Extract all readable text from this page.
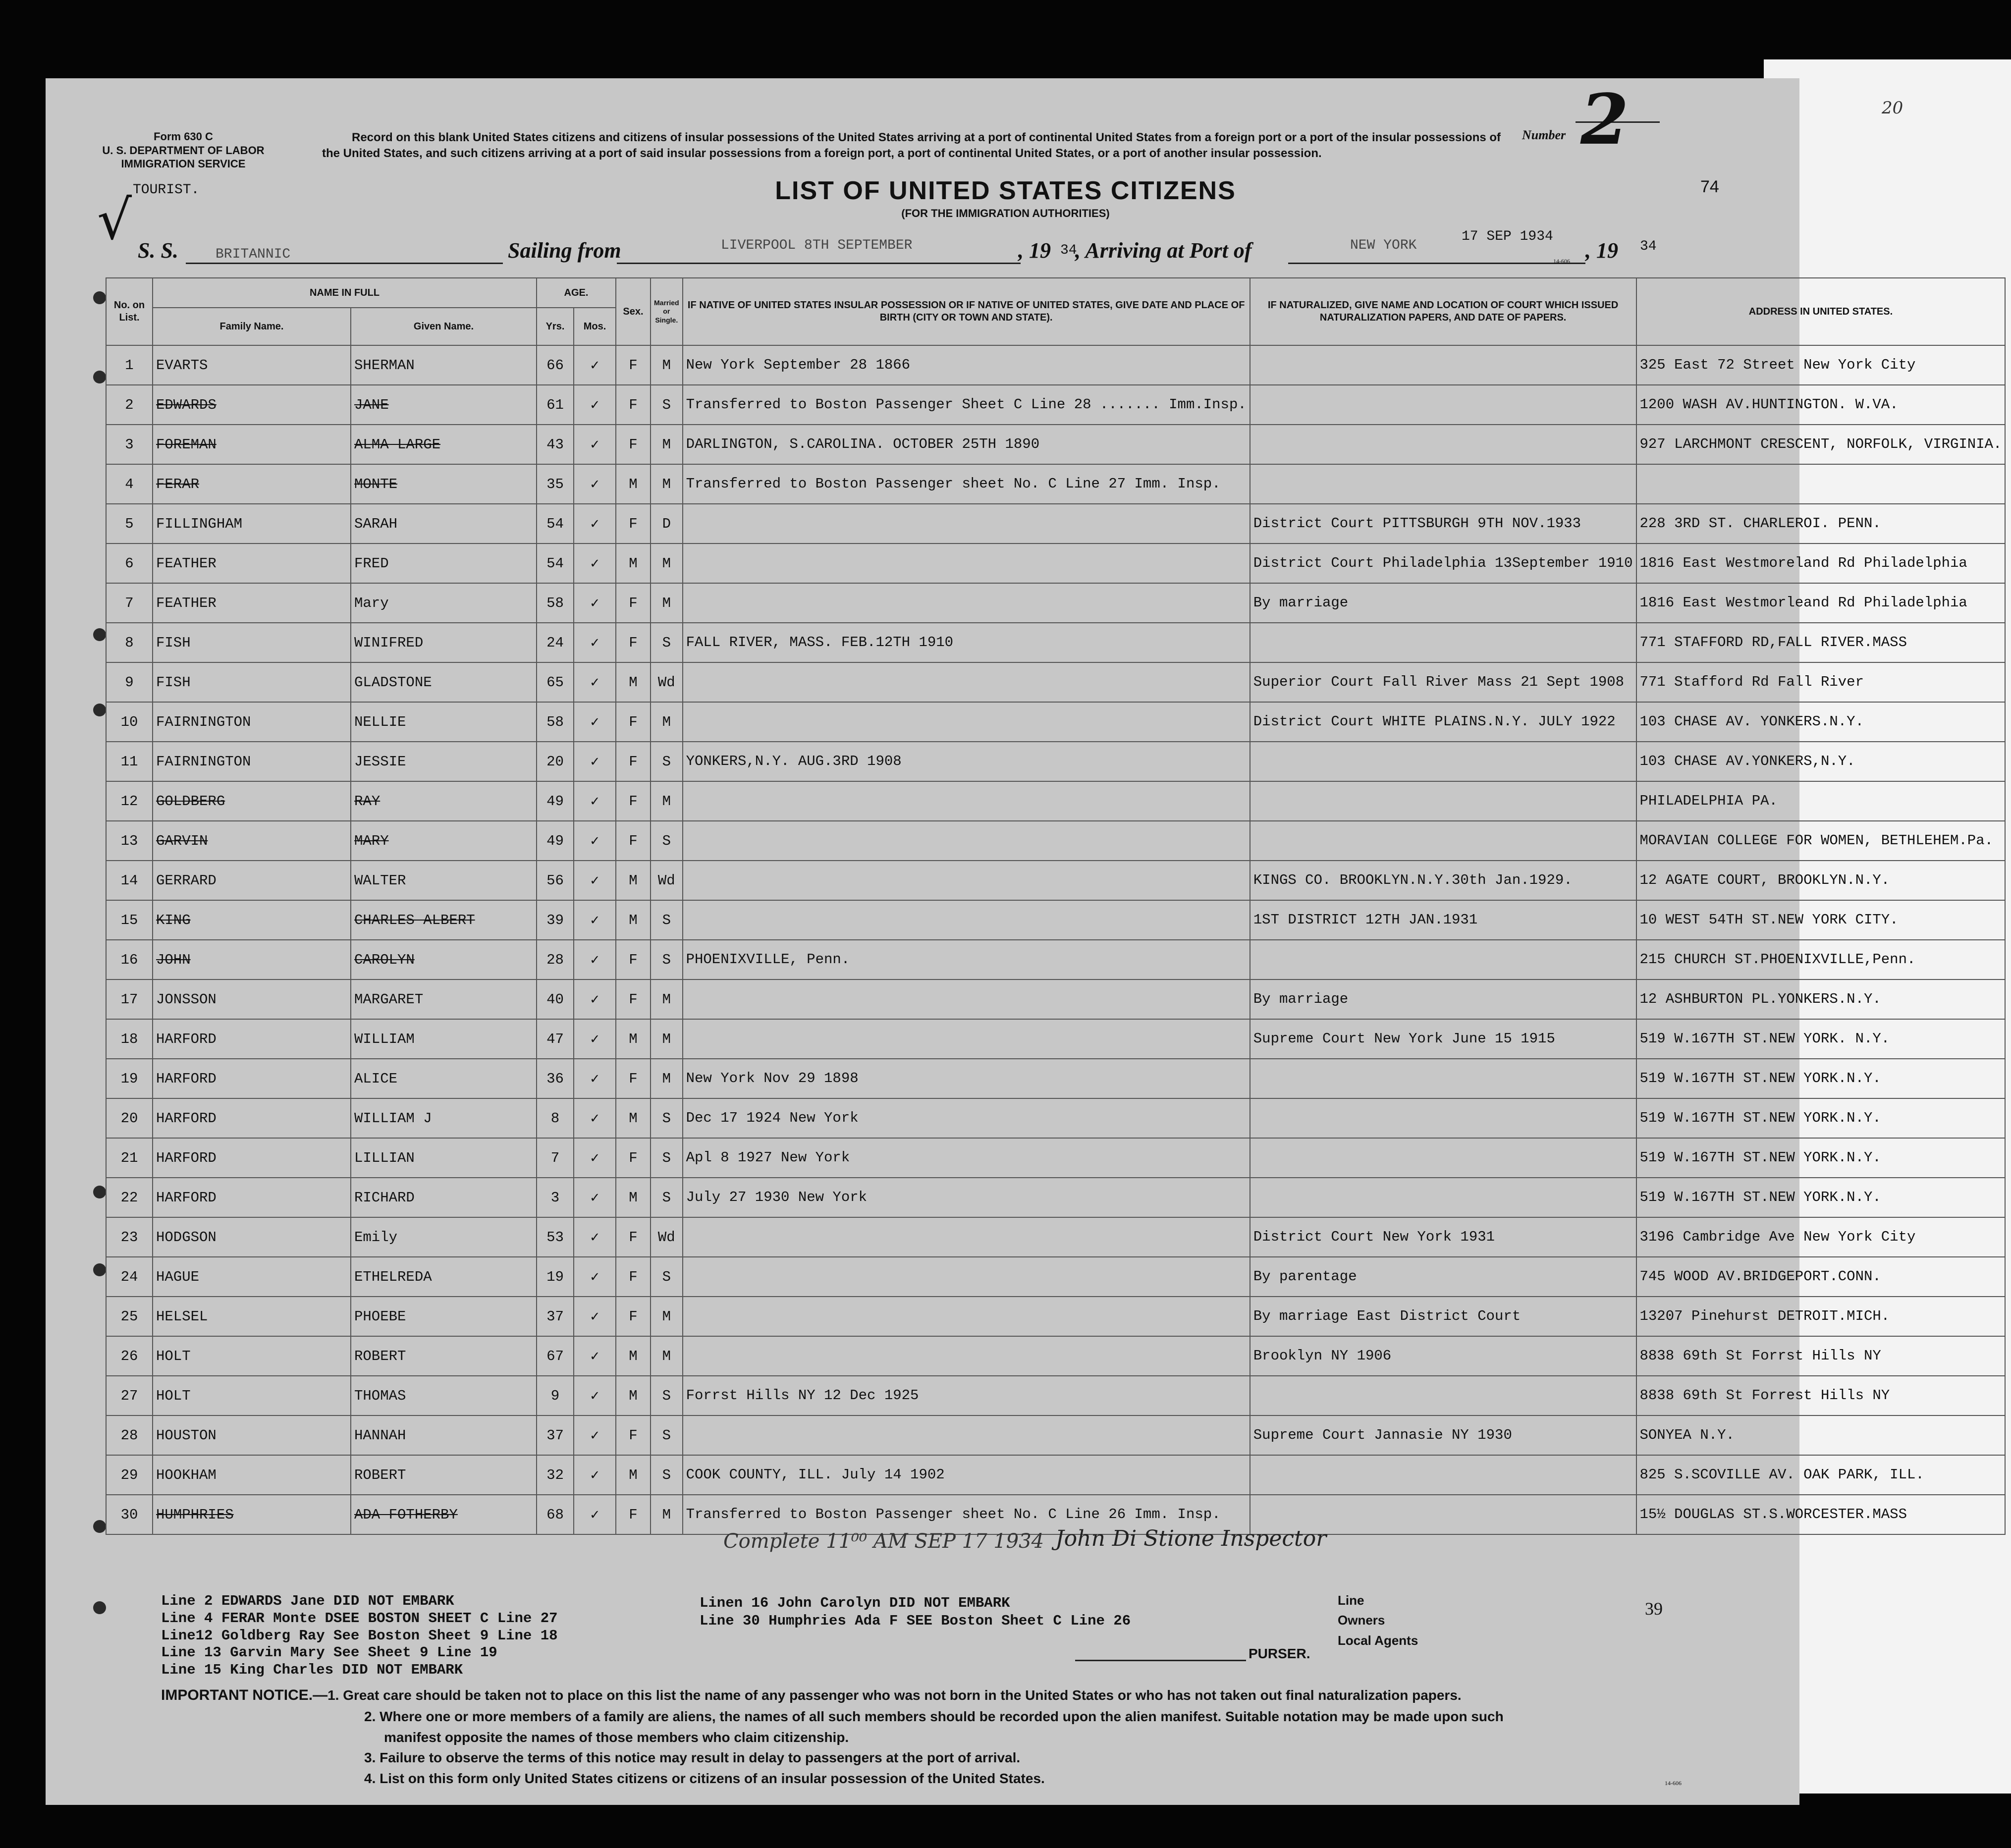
Form 630 C
U. S. DEPARTMENT OF LABOR
IMMIGRATION SERVICE
Record on this blank United States citizens and citizens of insular possessions of the United States arriving at a port of continental United States from a foreign port or a port of the insular possessions of the United States, and such citizens arriving at a port of said insular possessions from a foreign port, a port of continental United States, or a port of another insular possession.
Number 2	20
√ TOURIST.	74
LIST OF UNITED STATES CITIZENS
(FOR THE IMMIGRATION AUTHORITIES)
S. S.	BRITANNIC	Sailing from	LIVERPOOL 8TH SEPTEMBER	, 19 34
, Arriving at Port of	NEW YORK
17 SEP 1934
, 19 34
14-606
No. on List.	NAME IN FULL		AGE.		Sex.	Married or Single.	IF NATIVE OF UNITED STATES INSULAR POSSESSION OR IF NATIVE OF UNITED STATES, GIVE DATE AND PLACE OF BIRTH (CITY OR TOWN AND STATE).	IF NATURALIZED, GIVE NAME AND LOCATION OF COURT WHICH ISSUED NATURALIZATION PAPERS, AND DATE OF PAPERS.	ADDRESS IN UNITED STATES.
	Family Name.	Given Name.	Yrs.	Mos.					
1	EVARTS	SHERMAN	66	✓	F	M	New York September 28 1866		325 East 72 Street New York City
2	EDWARDS	JANE	61	✓	F	S	Transferred to Boston Passenger Sheet C Line 28 ....... Imm.Insp.		1200 WASH AV.HUNTINGTON. W.VA.
3	FOREMAN	ALMA LARGE	43	✓	F	M	DARLINGTON, S.CAROLINA. OCTOBER 25TH 1890		927 LARCHMONT CRESCENT, NORFOLK, VIRGINIA.
4	FERAR	MONTE	35	✓	M	M	Transferred to Boston Passenger sheet No. C Line 27 Imm. Insp.		
5	FILLINGHAM	SARAH	54	✓	F	D		District Court PITTSBURGH 9TH NOV.1933	228 3RD ST. CHARLEROI. PENN.
6	FEATHER	FRED	54	✓	M	M		District Court Philadelphia 13September 1910	1816 East Westmoreland Rd Philadelphia
7	FEATHER	Mary	58	✓	F	M		By marriage	1816 East Westmorleand Rd Philadelphia
8	FISH	WINIFRED	24	✓	F	S	FALL RIVER, MASS. FEB.12TH 1910		771 STAFFORD RD,FALL RIVER.MASS
9	FISH	GLADSTONE	65	✓	M	Wd		Superior Court Fall River Mass 21 Sept 1908	771 Stafford Rd Fall River
10	FAIRNINGTON	NELLIE	58	✓	F	M		District Court WHITE PLAINS.N.Y. JULY 1922	103 CHASE AV. YONKERS.N.Y.
11	FAIRNINGTON	JESSIE	20	✓	F	S	YONKERS,N.Y. AUG.3RD 1908		103 CHASE AV.YONKERS,N.Y.
12	GOLDBERG	RAY	49	✓	F	M			PHILADELPHIA PA.
13	GARVIN	MARY	49	✓	F	S			MORAVIAN COLLEGE FOR WOMEN, BETHLEHEM.Pa.
14	GERRARD	WALTER	56	✓	M	Wd		KINGS CO. BROOKLYN.N.Y.30th Jan.1929.	12 AGATE COURT, BROOKLYN.N.Y.
15	KING	CHARLES ALBERT	39	✓	M	S		1ST DISTRICT 12TH JAN.1931	10 WEST 54TH ST.NEW YORK CITY.
16	JOHN	CAROLYN	28	✓	F	S	PHOENIXVILLE, Penn.		215 CHURCH ST.PHOENIXVILLE,Penn.
17	JONSSON	MARGARET	40	✓	F	M		By marriage	12 ASHBURTON PL.YONKERS.N.Y.
18	HARFORD	WILLIAM	47	✓	M	M		Supreme Court New York June 15 1915	519 W.167TH ST.NEW YORK. N.Y.
19	HARFORD	ALICE	36	✓	F	M	New York Nov 29 1898		519 W.167TH ST.NEW YORK.N.Y.
20	HARFORD	WILLIAM J	8	✓	M	S	Dec 17 1924 New York		519 W.167TH ST.NEW YORK.N.Y.
21	HARFORD	LILLIAN	7	✓	F	S	Apl 8 1927 New York		519 W.167TH ST.NEW YORK.N.Y.
22	HARFORD	RICHARD	3	✓	M	S	July 27 1930 New York		519 W.167TH ST.NEW YORK.N.Y.
23	HODGSON	Emily	53	✓	F	Wd		District Court New York 1931	3196 Cambridge Ave New York City
24	HAGUE	ETHELREDA	19	✓	F	S		By parentage	745 WOOD AV.BRIDGEPORT.CONN.
25	HELSEL	PHOEBE	37	✓	F	M		By marriage East District Court	13207 Pinehurst DETROIT.MICH.
26	HOLT	ROBERT	67	✓	M	M		Brooklyn NY 1906	8838 69th St Forrst Hills NY
27	HOLT	THOMAS	9	✓	M	S	Forrst Hills NY 12 Dec 1925		8838 69th St Forrest Hills NY
28	HOUSTON	HANNAH	37	✓	F	S		Supreme Court Jannasie NY 1930	SONYEA N.Y.
29	HOOKHAM	ROBERT	32	✓	M	S	COOK COUNTY, ILL. July 14 1902		825 S.SCOVILLE AV. OAK PARK, ILL.
30	HUMPHRIES	ADA FOTHERBY	68	✓	F	M	Transferred to Boston Passenger sheet No. C Line 26 Imm. Insp.		15½ DOUGLAS ST.S.WORCESTER.MASS
Complete 11⁰⁰ AM SEP 17 1934 John Di Stione Inspector
Line 2 EDWARDS Jane DID NOT EMBARK
Line 4 FERAR Monte DSEE BOSTON SHEET C Line 27
Line12 Goldberg Ray See Boston Sheet 9 Line 18
Line 13 Garvin Mary See Sheet 9 Line 19
Line 15 King Charles DID NOT EMBARK
Linen 16 John Carolyn DID NOT EMBARK
Line 30 Humphries Ada F SEE Boston Sheet C Line 26
PURSER.
Line
Owners
Local Agents
39
IMPORTANT NOTICE.—1. Great care should be taken not to place on this list the name of any passenger who was not born in the United States or who has not taken out final naturalization papers.
2. Where one or more members of a family are aliens, the names of all such members should be recorded upon the alien manifest. Suitable notation may be made upon such
manifest opposite the names of those members who claim citizenship.
3. Failure to observe the terms of this notice may result in delay to passengers at the port of arrival.
4. List on this form only United States citizens or citizens of an insular possession of the United States.	14-606
